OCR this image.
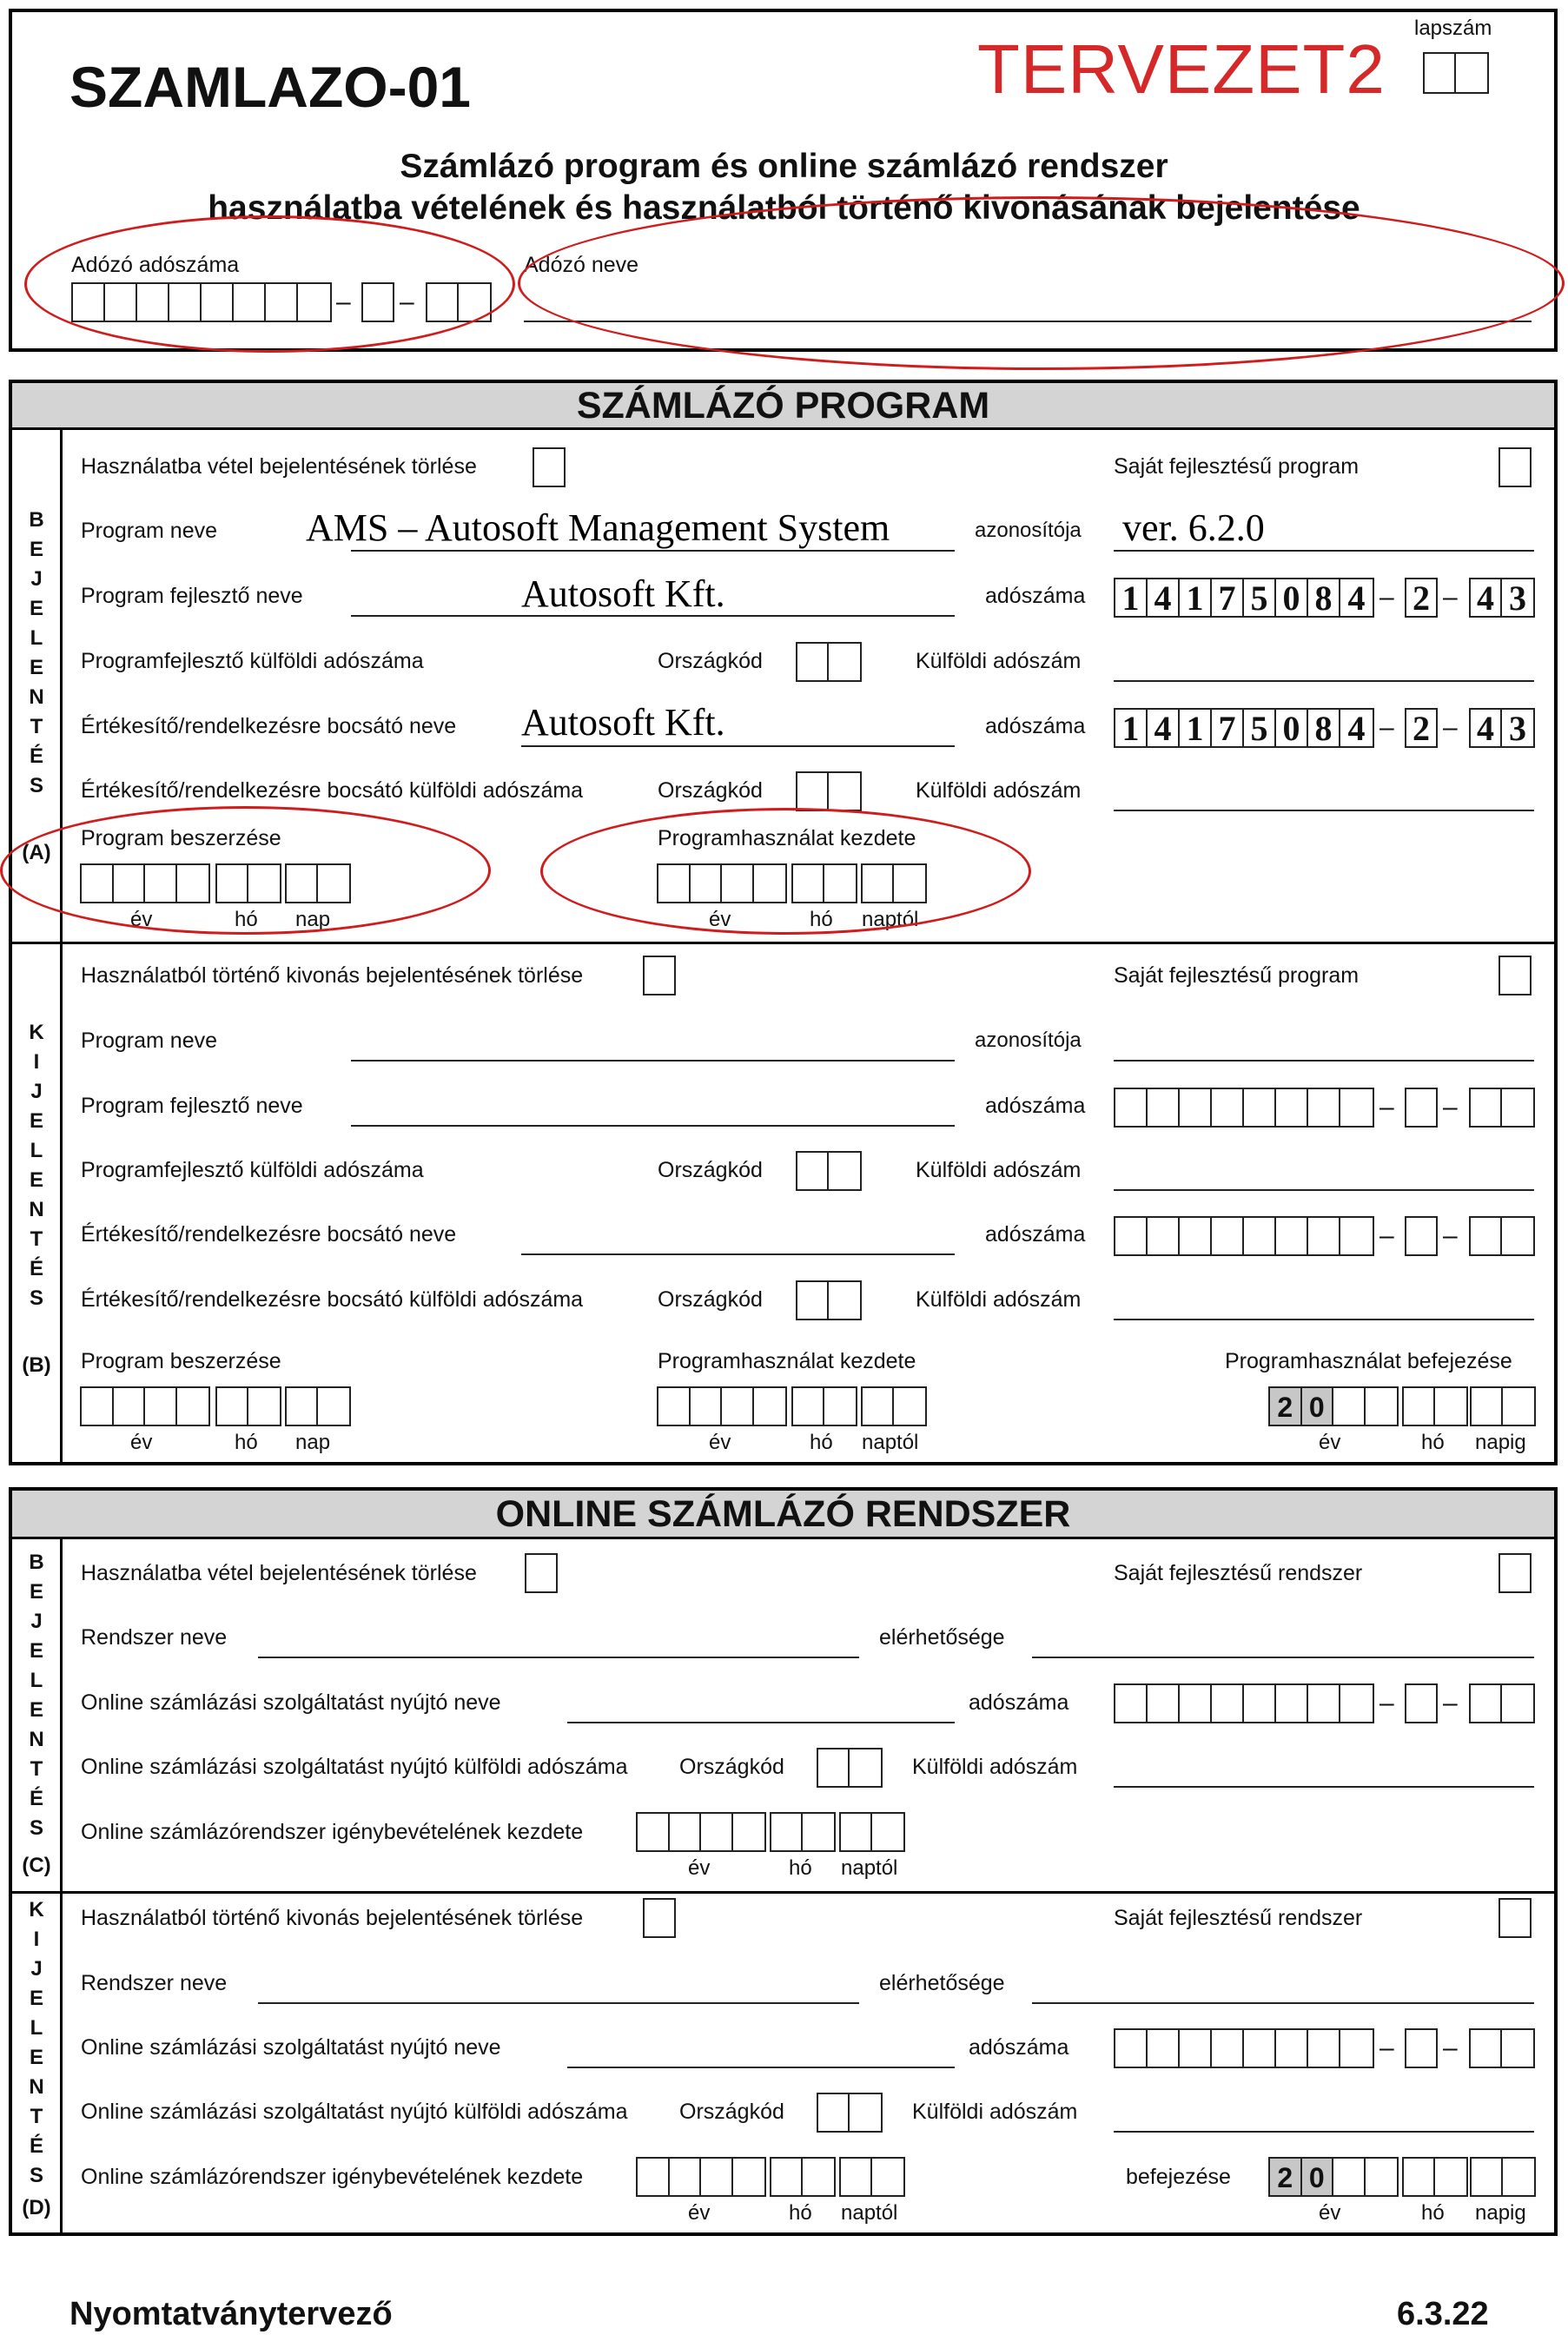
SZAMLAZO-01	TERVEZET2
lapszám
Számlázó program és online számlázó rendszer
használatba vételének és használatból történő kivonásának bejelentése
Adózó adószáma
– –
Adózó neve
SZÁMLÁZÓ PROGRAM
B
E
J
E
L
E
N
T
É
S
(A)
K
I
J
E
L
E
N
T
É
S
(B)
Használatba vétel bejelentésének törlése	Saját fejlesztésű program
Program neve AMS – Autosoft Management System	azonosítója ver. 6.2.0
Program fejlesztő neve	Autosoft Kft.	adószáma 1 4 1 7 5 0 8 4 – 2 – 4 3
Programfejlesztő külföldi adószáma	Országkód	Külföldi adószám
Értékesítő/rendelkezésre bocsátó neve Autosoft Kft.	adószáma 1 4 1 7 5 0 8 4 – 2 – 4 3
Értékesítő/rendelkezésre bocsátó külföldi adószáma	Országkód	Külföldi adószám
Program beszerzése
év	hó nap
Programhasználat kezdete
év	hó naptól
Használatból történő kivonás bejelentésének törlése	Saját fejlesztésű program
Program neve	azonosítója
Program fejlesztő neve	adószáma	– –
Programfejlesztő külföldi adószáma	Országkód	Külföldi adószám
Értékesítő/rendelkezésre bocsátó neve	adószáma	– –
Értékesítő/rendelkezésre bocsátó külföldi adószáma	Országkód	Külföldi adószám
Program beszerzése
év	hó nap
Programhasználat kezdete
év	hó naptól
Programhasználat befejezése
2 0
év	hó napig
ONLINE SZÁMLÁZÓ RENDSZER
B
E
J
E
L
E
N
T
É
S
(C)
K
I
J
E
L
E
N
T
É
S
(D)
Használatba vétel bejelentésének törlése	Saját fejlesztésű rendszer
Rendszer neve	elérhetősége
Online számlázási szolgáltatást nyújtó neve	adószáma	– –
Online számlázási szolgáltatást nyújtó külföldi adószáma Országkód	Külföldi adószám
Online számlázórendszer igénybevételének kezdete
év	hó naptól
Használatból történő kivonás bejelentésének törlése	Saját fejlesztésű rendszer
Rendszer neve	elérhetősége
Online számlázási szolgáltatást nyújtó neve	adószáma	– –
Online számlázási szolgáltatást nyújtó külföldi adószáma Országkód	Külföldi adószám
Online számlázórendszer igénybevételének kezdete
év	hó naptól
befejezése 2 0
év	hó napig
Nyomtatványtervező	6.3.22
